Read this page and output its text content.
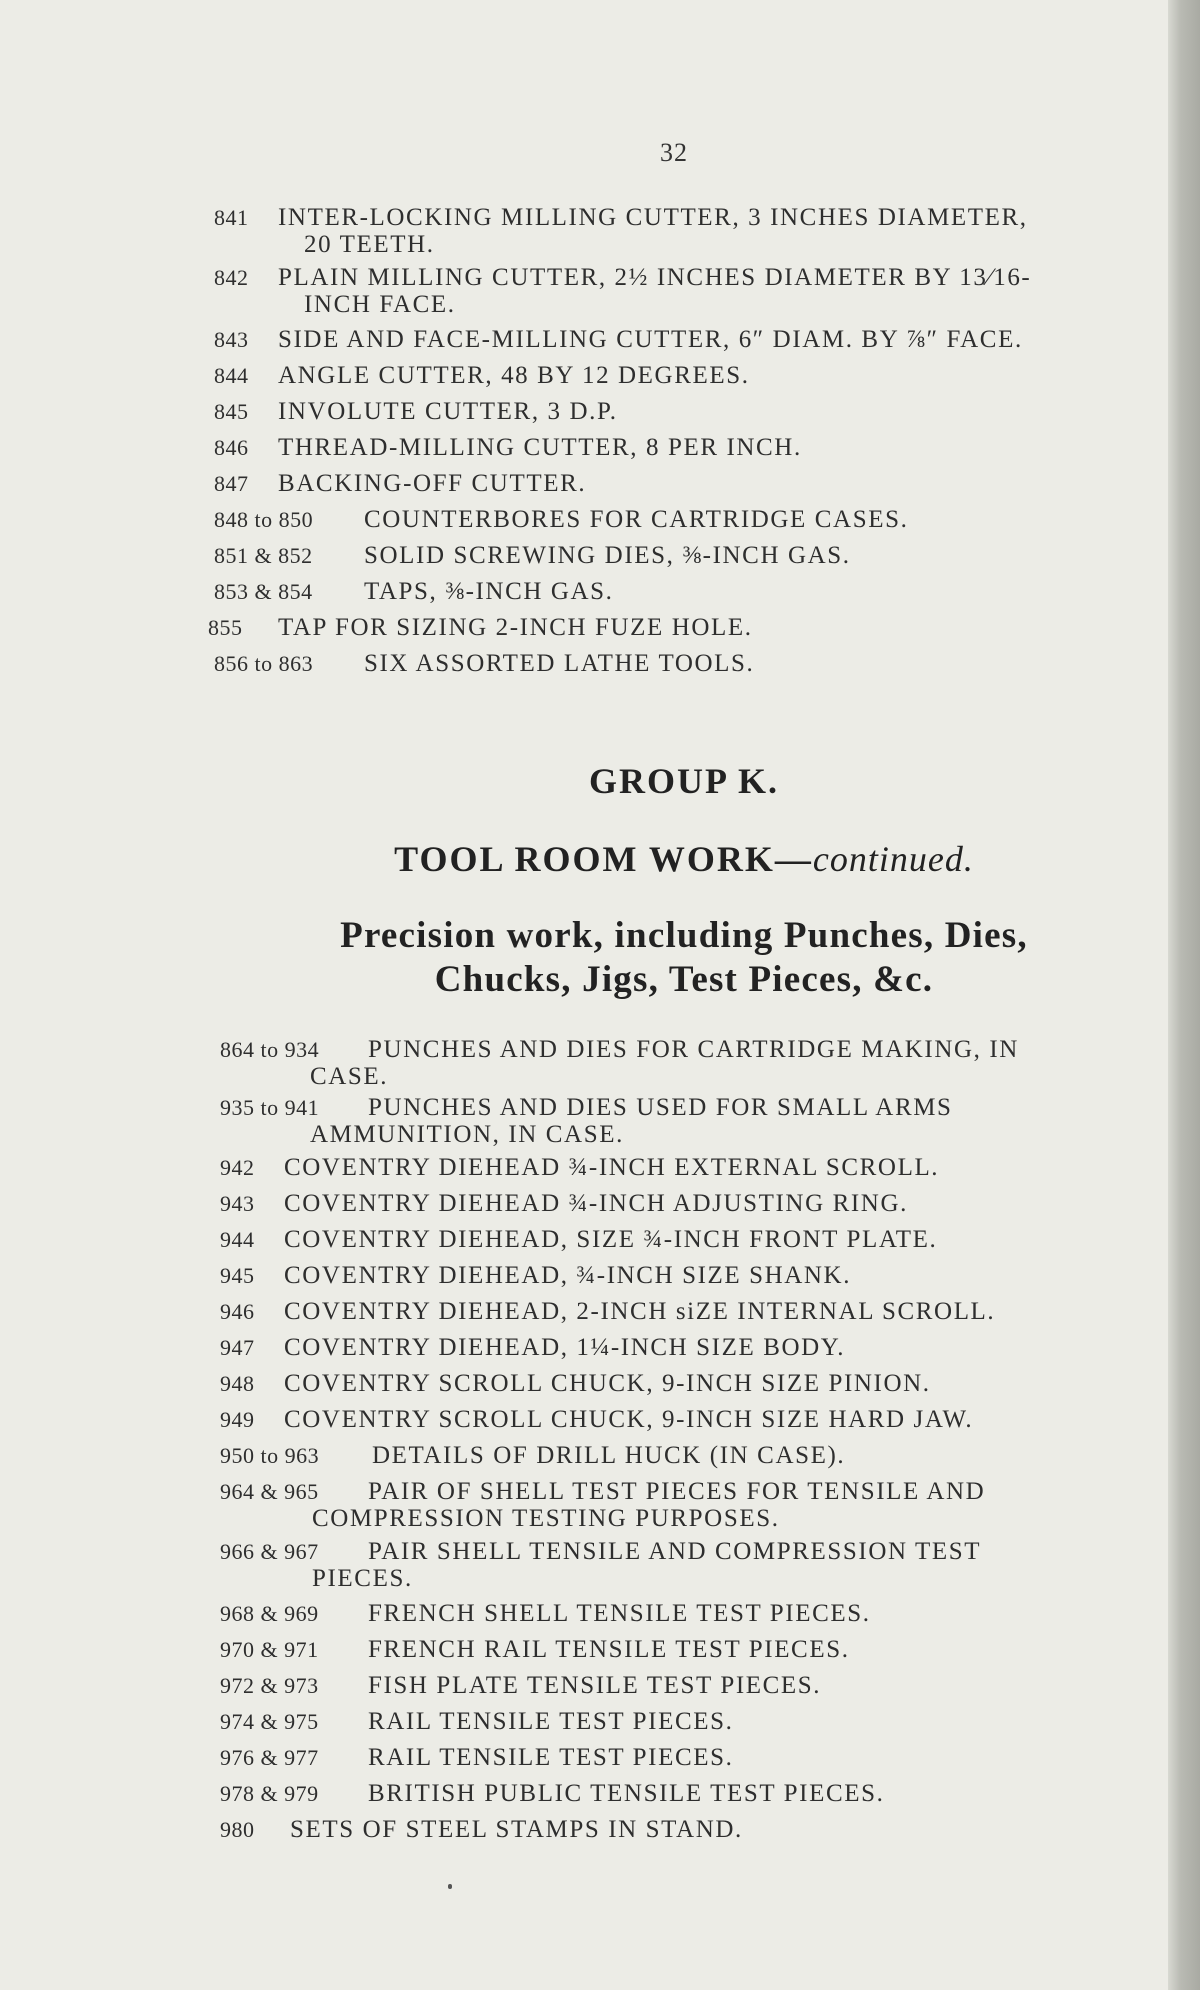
32
841 INTER-LOCKING MILLING CUTTER, 3 INCHES DIAMETER,
20 TEETH.
842 PLAIN MILLING CUTTER, 2½ INCHES DIAMETER BY 13⁄16-
INCH FACE.
843 SIDE AND FACE-MILLING CUTTER, 6″ DIAM. BY ⅞″ FACE.
844 ANGLE CUTTER, 48 BY 12 DEGREES.
845 INVOLUTE CUTTER, 3 D.P.
846 THREAD-MILLING CUTTER, 8 PER INCH.
847 BACKING-OFF CUTTER.
848 to 850 COUNTERBORES FOR CARTRIDGE CASES.
851 & 852 SOLID SCREWING DIES, ⅜-INCH GAS.
853 & 854 TAPS, ⅜-INCH GAS.
855 TAP FOR SIZING 2-INCH FUZE HOLE.
856 to 863 SIX ASSORTED LATHE TOOLS.
GROUP K.
TOOL ROOM WORK—continued.
Precision work, including Punches, Dies,
Chucks, Jigs, Test Pieces, &c.
864 to 934 PUNCHES AND DIES FOR CARTRIDGE MAKING, IN
CASE.
935 to 941 PUNCHES AND DIES USED FOR SMALL ARMS
AMMUNITION, IN CASE.
942 COVENTRY DIEHEAD ¾-INCH EXTERNAL SCROLL.
943 COVENTRY DIEHEAD ¾-INCH ADJUSTING RING.
944 COVENTRY DIEHEAD, SIZE ¾-INCH FRONT PLATE.
945 COVENTRY DIEHEAD, ¾-INCH SIZE SHANK.
946 COVENTRY DIEHEAD, 2-INCH siZE INTERNAL SCROLL.
947 COVENTRY DIEHEAD, 1¼-INCH SIZE BODY.
948 COVENTRY SCROLL CHUCK, 9-INCH SIZE PINION.
949 COVENTRY SCROLL CHUCK, 9-INCH SIZE HARD JAW.
950 to 963 DETAILS OF DRILL HUCK (IN CASE).
964 & 965 PAIR OF SHELL TEST PIECES FOR TENSILE AND
COMPRESSION TESTING PURPOSES.
966 & 967 PAIR SHELL TENSILE AND COMPRESSION TEST
PIECES.
968 & 969 FRENCH SHELL TENSILE TEST PIECES.
970 & 971 FRENCH RAIL TENSILE TEST PIECES.
972 & 973 FISH PLATE TENSILE TEST PIECES.
974 & 975 RAIL TENSILE TEST PIECES.
976 & 977 RAIL TENSILE TEST PIECES.
978 & 979 BRITISH PUBLIC TENSILE TEST PIECES.
980 SETS OF STEEL STAMPS IN STAND.
